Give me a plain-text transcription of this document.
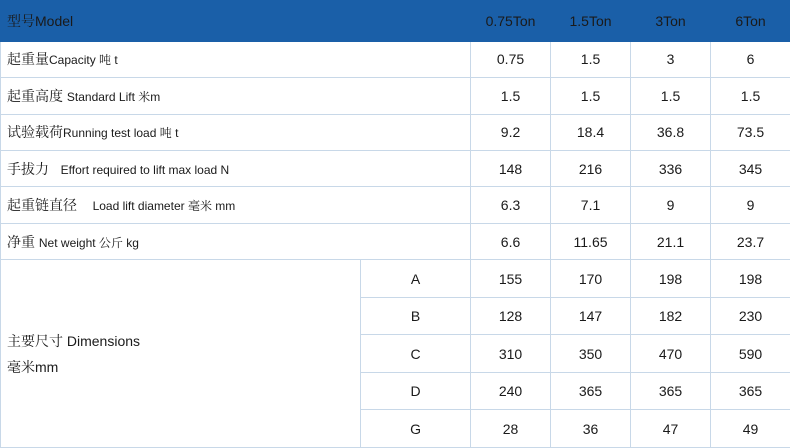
型号Model		0.75Ton	1.5Ton	3Ton	6Ton
起重量Capacity 吨 t		0.75	1.5	3	6
起重高度 Standard Lift 米m		1.5	1.5	1.5	1.5
试验载荷Running test load 吨 t		9.2	18.4	36.8	73.5
手拔力 Effort required to lift max load N		148	216	336	345
起重链直径 Load lift diameter 毫米 mm		6.3	7.1	9	9
净重 Net weight 公斤 kg		6.6	11.65	21.1	23.7

主要尺寸 Dimensions
毫米mm	A	155	170	198	198
	B	128	147	182	230
	C	310	350	470	590
	D	240	365	365	365
	G	28	36	47	49
